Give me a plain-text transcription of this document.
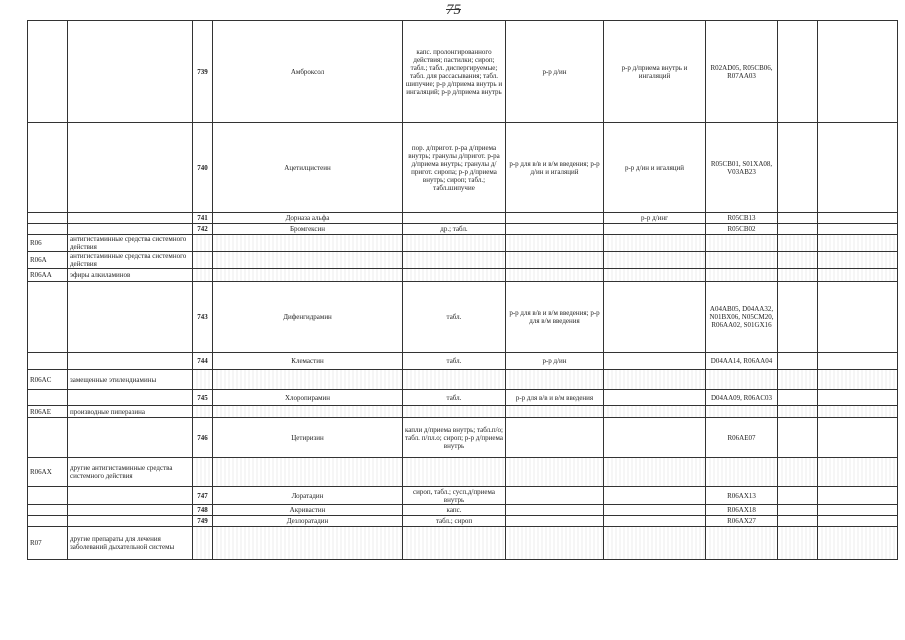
75
		739	Амброксол	капс. пролонгированного действия; пастилки; сироп; табл.; табл. диспергируемые; табл. для рассасывания; табл. шипучие; р-р д/приема внутрь и ингаляций; р-р д/приема внутрь	р-р д/ин	р-р д/приема внутрь и ингаляций	R02AD05, R05CB06, R07AA03		
		740	Ацетилцистеин	пор. д/пригот. р-ра д/приема внутрь; гранулы д/пригот. р-ра д/приема внутрь; гранулы д/пригот. сиропа; р-р д/приема внутрь; сироп; табл.; табл.шипучие	р-р для в/в и в/м введения; р-р д/ин и игаляций	р-р д/ин и игаляций	R05CB01, S01XA08, V03AB23		
		741	Дорназа альфа			р-р д/инг	R05CB13		
		742	Бромгексин	др.; табл.			R05CB02		
R06	антигистаминные средства системного действия								
R06A	антигистаминные средства системного действия								
R06AA	эфиры алкиламинов								
		743	Дифенгидрамин	табл.	р-р для в/в и в/м введения; р-р для в/м введения		A04AB05, D04AA32, N01BX06, N05CM20, R06AA02, S01GX16		
		744	Клемастин	табл.	р-р д/ин		D04AA14, R06AA04		
R06AC	замещенные этилендиамины								
		745	Хлоропирамин	табл.	р-р для в/в и в/м введения		D04AA09, R06AC03		
R06AE	производные пиперазина								
		746	Цетиризин	капли д/приема внутрь; табл.п/о; табл. п/пл.о; сироп; р-р д/приема внутрь			R06AE07		
R06AX	другие антигистаминные средства системного действия								
		747	Лоратадин	сироп, табл.; сусп.д/приема внутрь			R06AX13		
		748	Акривастин	капс.			R06AX18		
		749	Дезлоратадин	табл.; сироп			R06AX27		
R07	другие препараты для лечения заболеваний дыхательной системы								
